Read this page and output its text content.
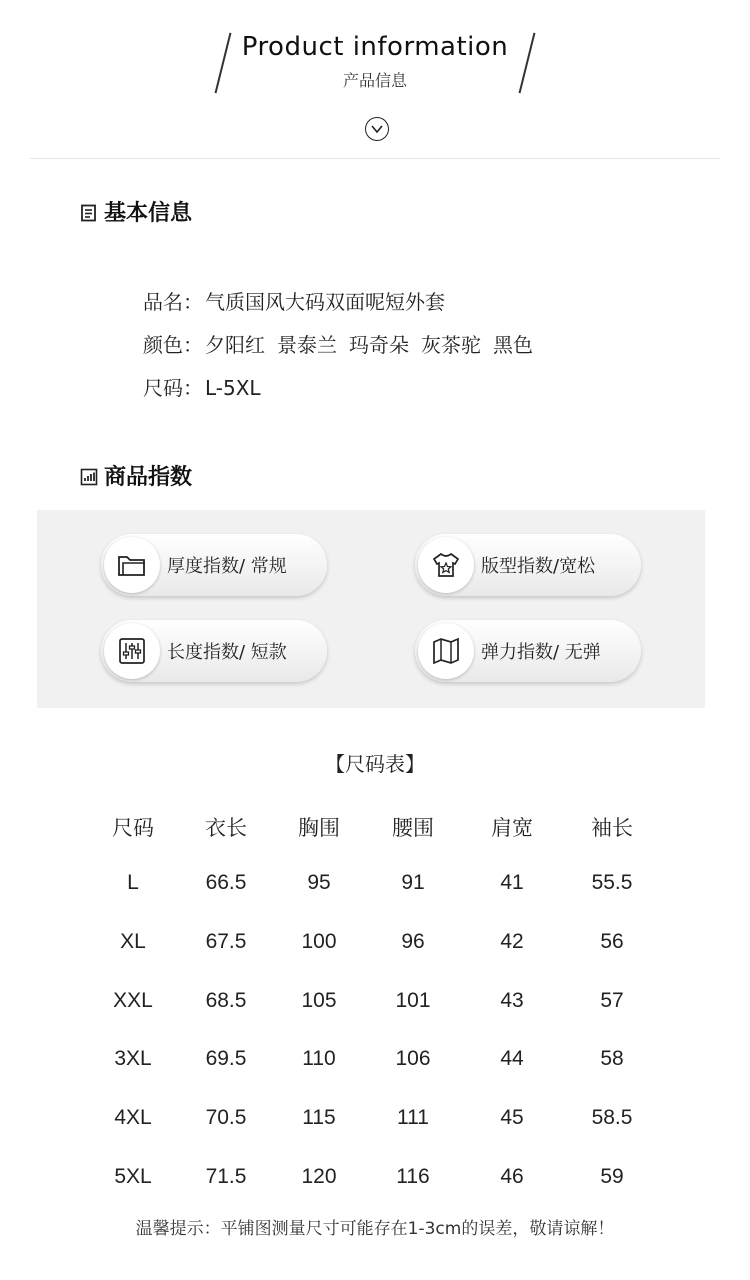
Product information
产品信息
基本信息
品名： 气质国风大码双面呢短外套
颜色： 夕阳红 景泰兰 玛奇朵 灰茶驼 黑色
尺码： L-5XL
商品指数
厚度指数/ 常规	版型指数/宽松
长度指数/ 短款	弹力指数/ 无弹
【尺码表】
尺码	衣长	胸围	腰围	肩宽	袖长
L	66.5	95	91	41	55.5
XL	67.5	100	96	42	56
XXL	68.5	105	101	43	57
3XL	69.5	110	106	44	58
4XL	70.5	115	111	45	58.5
5XL	71.5	120	116	46	59
温馨提示：平铺图测量尺寸可能存在1-3cm的误差，敬请谅解！
